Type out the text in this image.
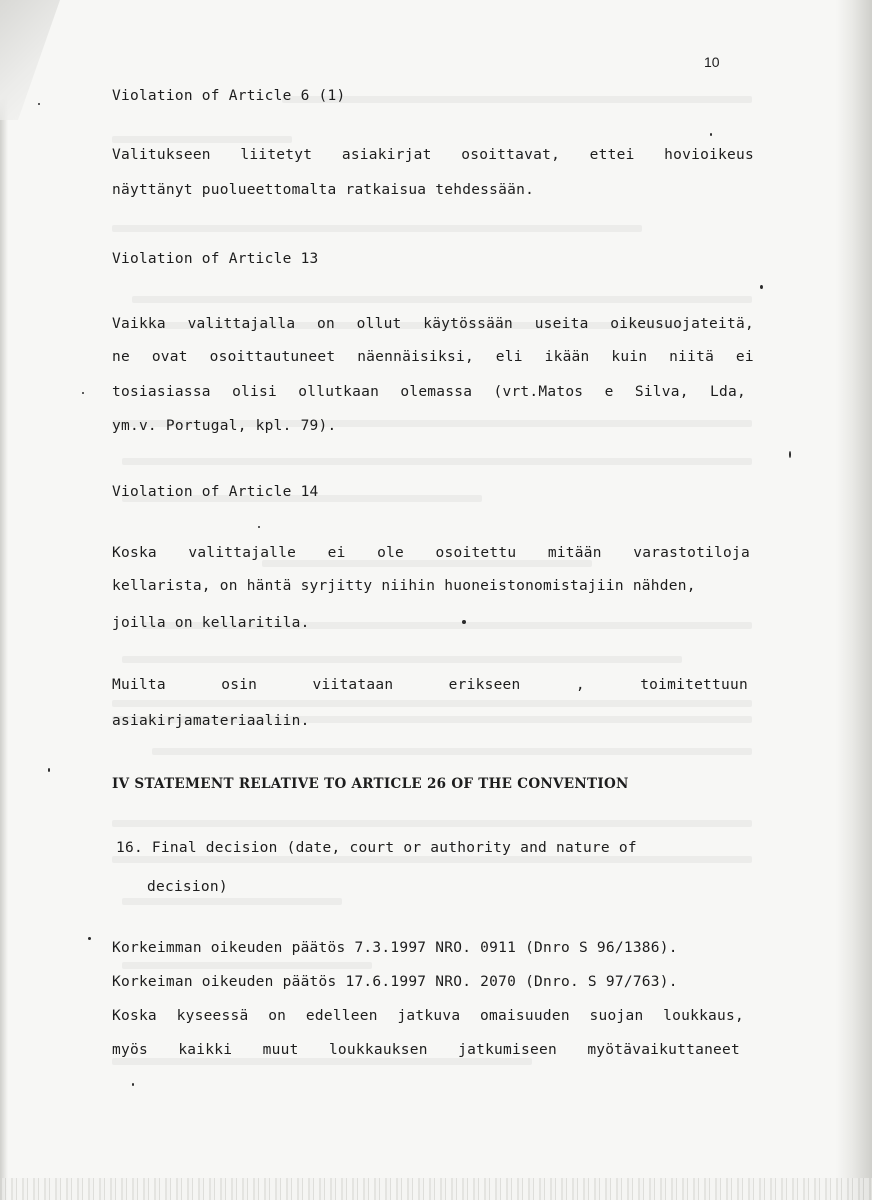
10
Violation of Article 6 (1)
Valitukseen liitetyt asiakirjat osoittavat, ettei hovioikeus
näyttänyt puolueettomalta ratkaisua tehdessään.
Violation of Article 13
Vaikka valittajalla on ollut käytössään useita oikeusuojateitä,
ne ovat osoittautuneet näennäisiksi, eli ikään kuin niitä ei
tosiasiassa olisi ollutkaan olemassa (vrt.Matos e Silva, Lda,
ym.v. Portugal, kpl. 79).
Violation of Article 14
Koska valittajalle ei ole osoitettu mitään varastotiloja
kellarista, on häntä syrjitty niihin huoneistonomistajiin nähden,
joilla on kellaritila.
Muilta	osin	viitataan	erikseen	,	toimitettuun
asiakirjamateriaaliin.
IV STATEMENT RELATIVE TO ARTICLE 26 OF THE CONVENTION
16. Final decision (date, court or authority and nature of
decision)
Korkeimman oikeuden päätös 7.3.1997 NRO. 0911 (Dnro S 96/1386).
Korkeiman oikeuden päätös 17.6.1997 NRO. 2070 (Dnro. S 97/763).
Koska kyseessä on edelleen jatkuva omaisuuden suojan loukkaus,
myös kaikki muut loukkauksen jatkumiseen myötävaikuttaneet
